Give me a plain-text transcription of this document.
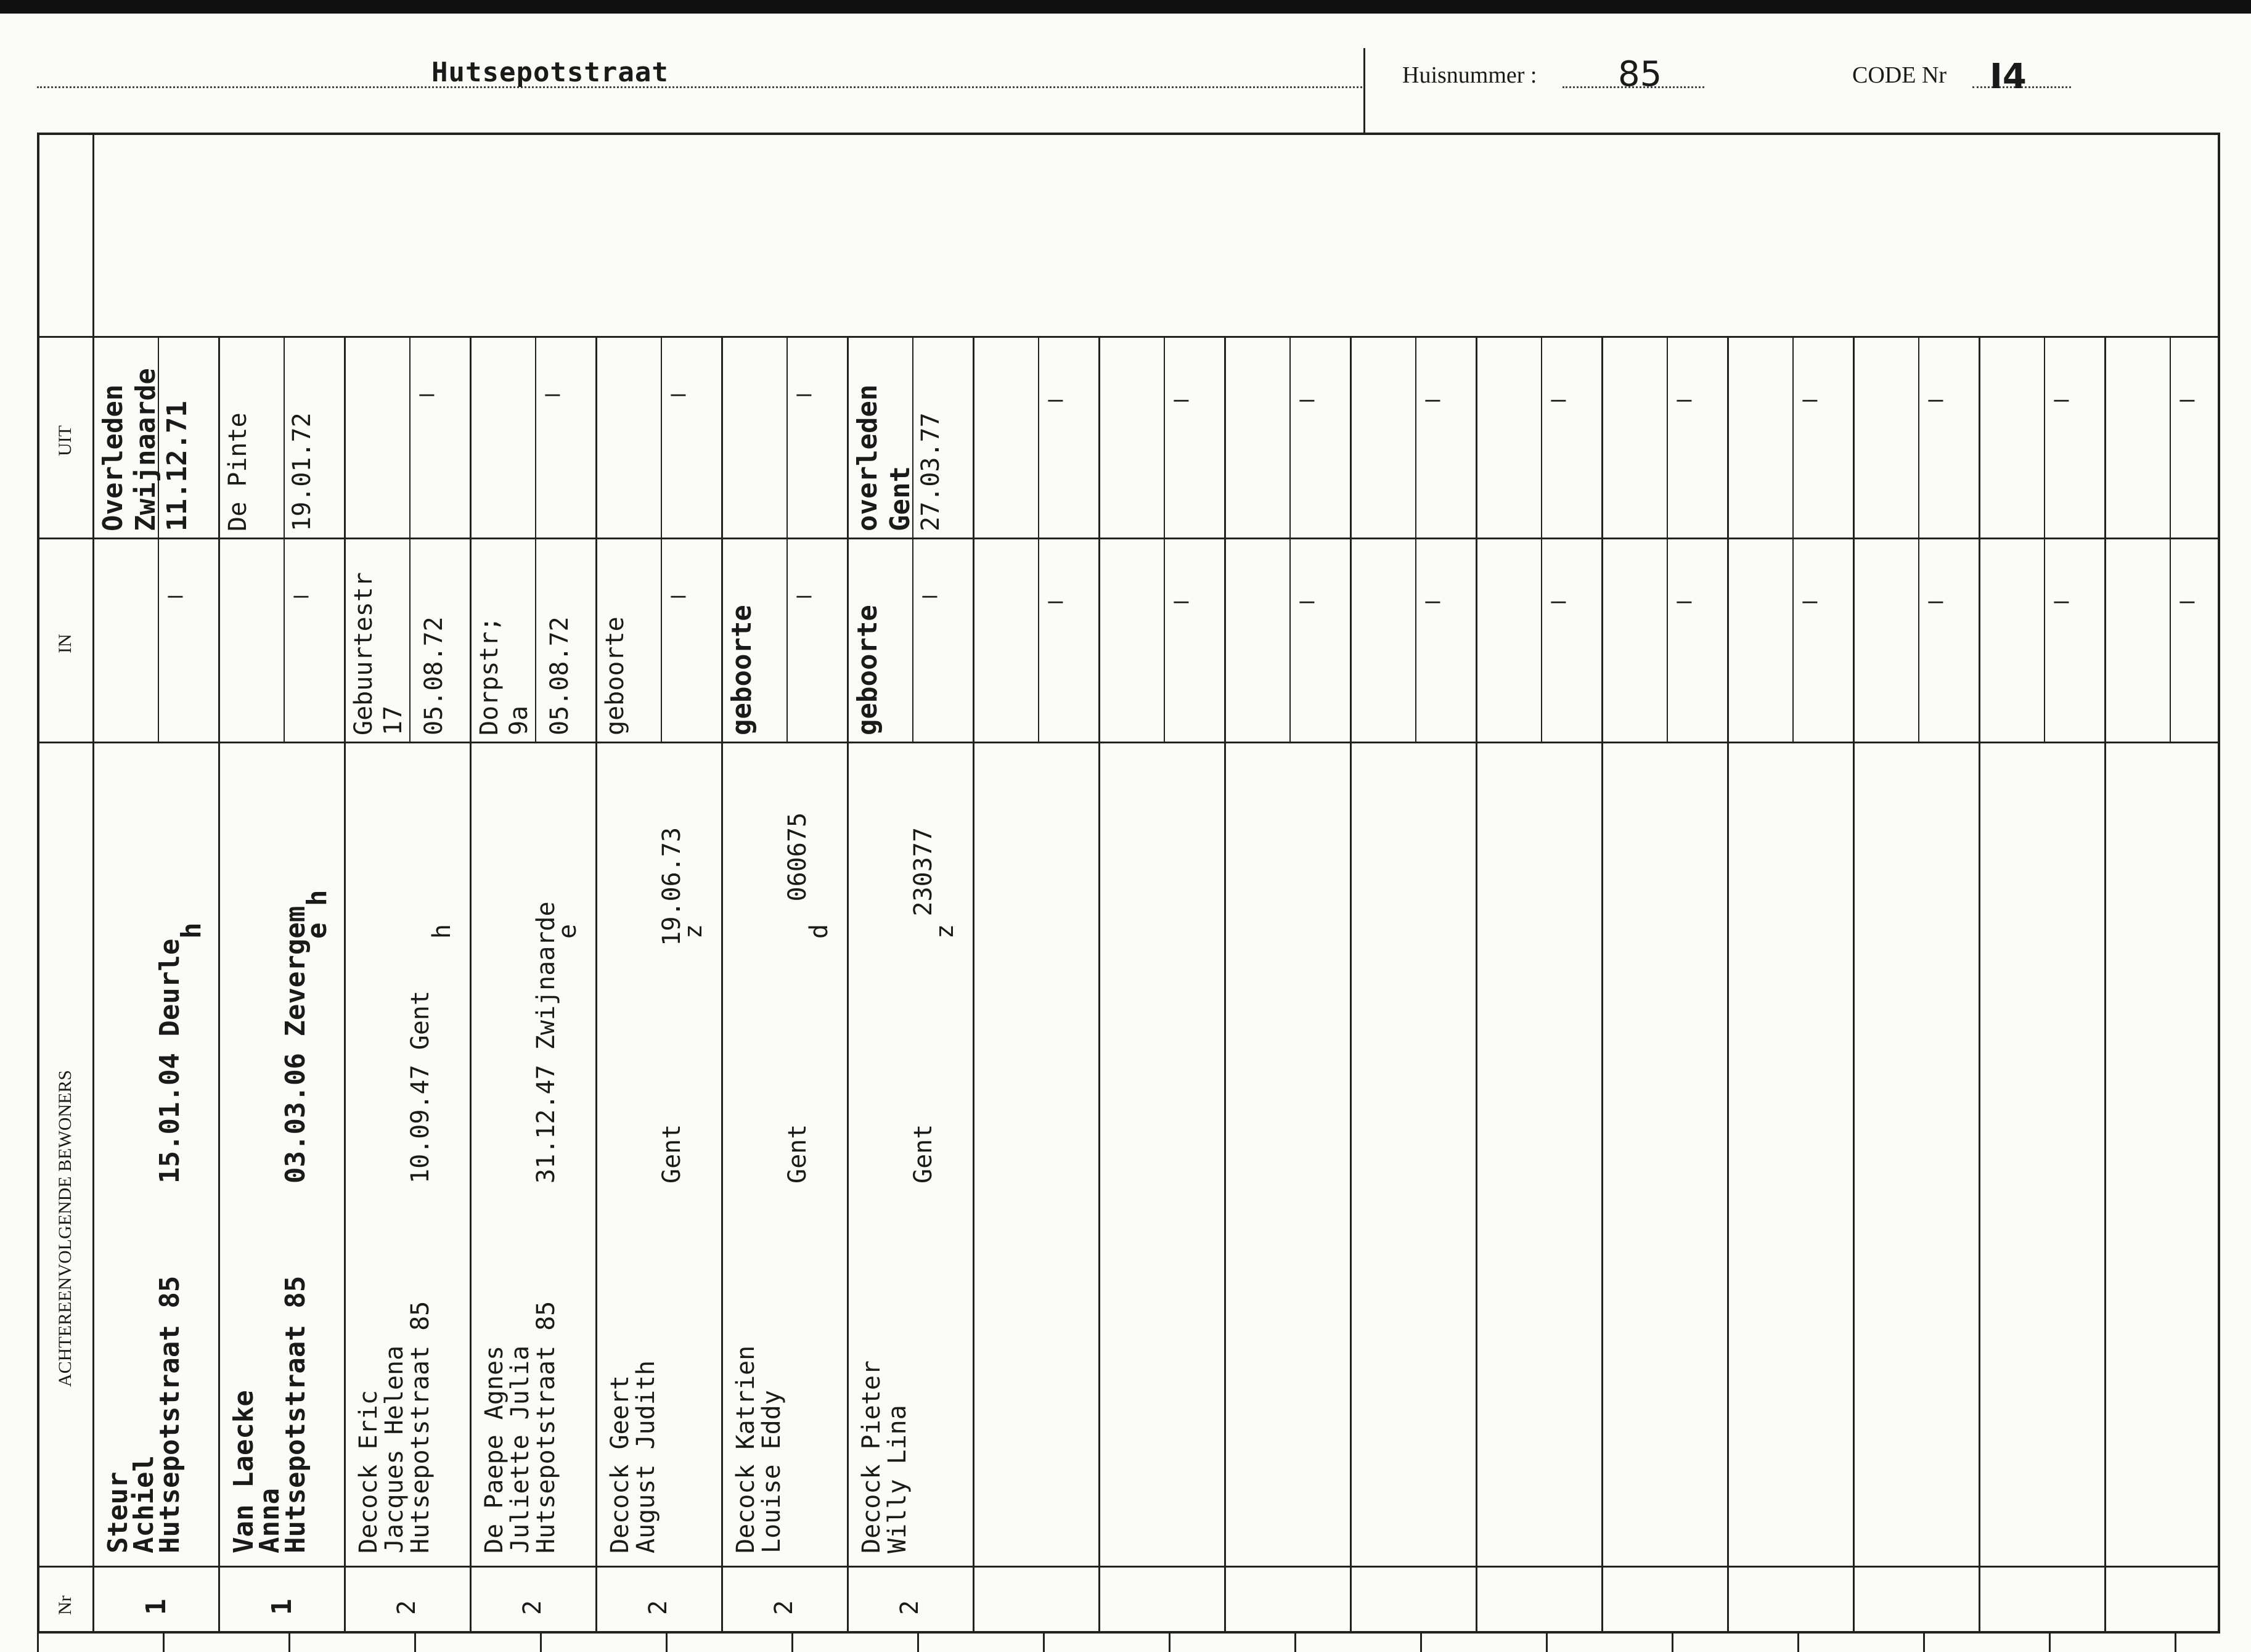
Hutsepotstraat	Huisnummer : 85	CODE Nr I4
UIT
IN
ACHTEREENVOLGENDE BEWONERS
Nr
Overleden
Zwijnaarde 11.12.71
—
Steur
Achiel
Hutsepotstraat 85
15.01.04 Deurle
h
1
De Pinte 19.01.72
—
Van Laecke
Anna
Hutsepotstraat 85
03.03.06 Zevergem
e h
1
—
Gebuurtestr
17 05.08.72
Decock Eric
Jacques Helena
Hutsepotstraat 85
10.09.47 Gent
h
2
—
Dorpstr;
9a 05.08.72
De Paepe Agnes
Juliette Julia
Hutsepotstraat 85
31.12.47 Zwijnaarde
e
2
—
geboorte
—
Decock Geert
August Judith
Gent            19.06.73
z
2
—
geboorte
—
Decock Katrien
Louise Eddy
Gent               060675
d
2
overleden
Gent 27.03.77
geboorte
—
Decock Pieter
Willy Lina
Gent              230377
z
2
—
—
—
—
—
—
—
—
—
—
—
—
—
—
—
—
—
—
—
—
